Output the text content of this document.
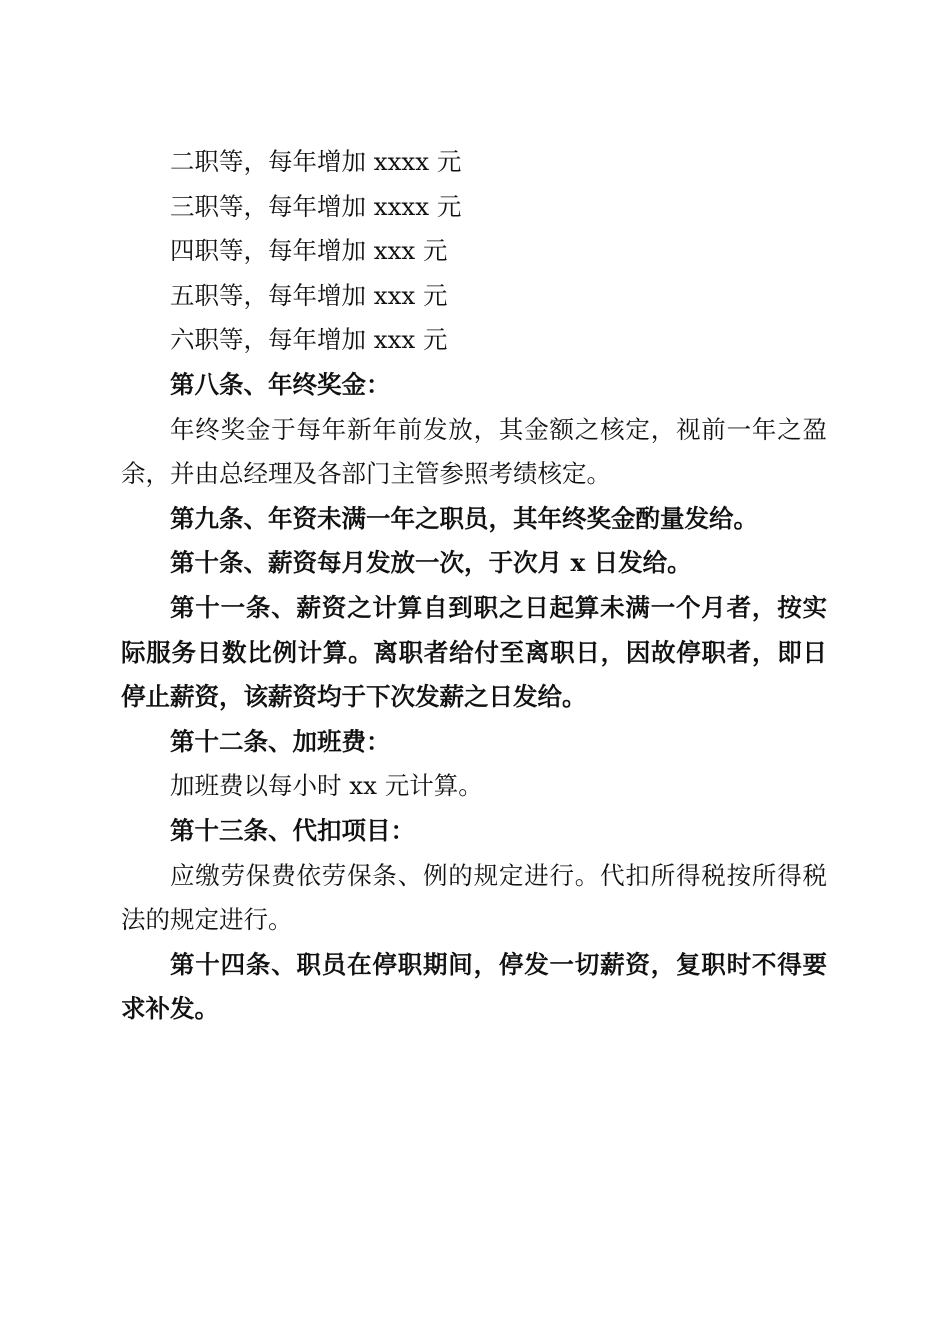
二职等，每年增加 xxxx 元

三职等，每年增加 xxxx 元

四职等，每年增加 xxx 元

五职等，每年增加 xxx 元

六职等，每年增加 xxx 元

第八条、年终奖金：

年终奖金于每年新年前发放，其金额之核定，视前一年之盈余，并由总经理及各部门主管参照考绩核定。

第九条、年资未满一年之职员，其年终奖金酌量发给。

第十条、薪资每月发放一次，于次月 x 日发给。

第十一条、薪资之计算自到职之日起算未满一个月者，按实际服务日数比例计算。离职者给付至离职日，因故停职者，即日停止薪资，该薪资均于下次发薪之日发给。

第十二条、加班费：

加班费以每小时 xx 元计算。

第十三条、代扣项目：

应缴劳保费依劳保条、例的规定进行。代扣所得税按所得税法的规定进行。

第十四条、职员在停职期间，停发一切薪资，复职时不得要求补发。
